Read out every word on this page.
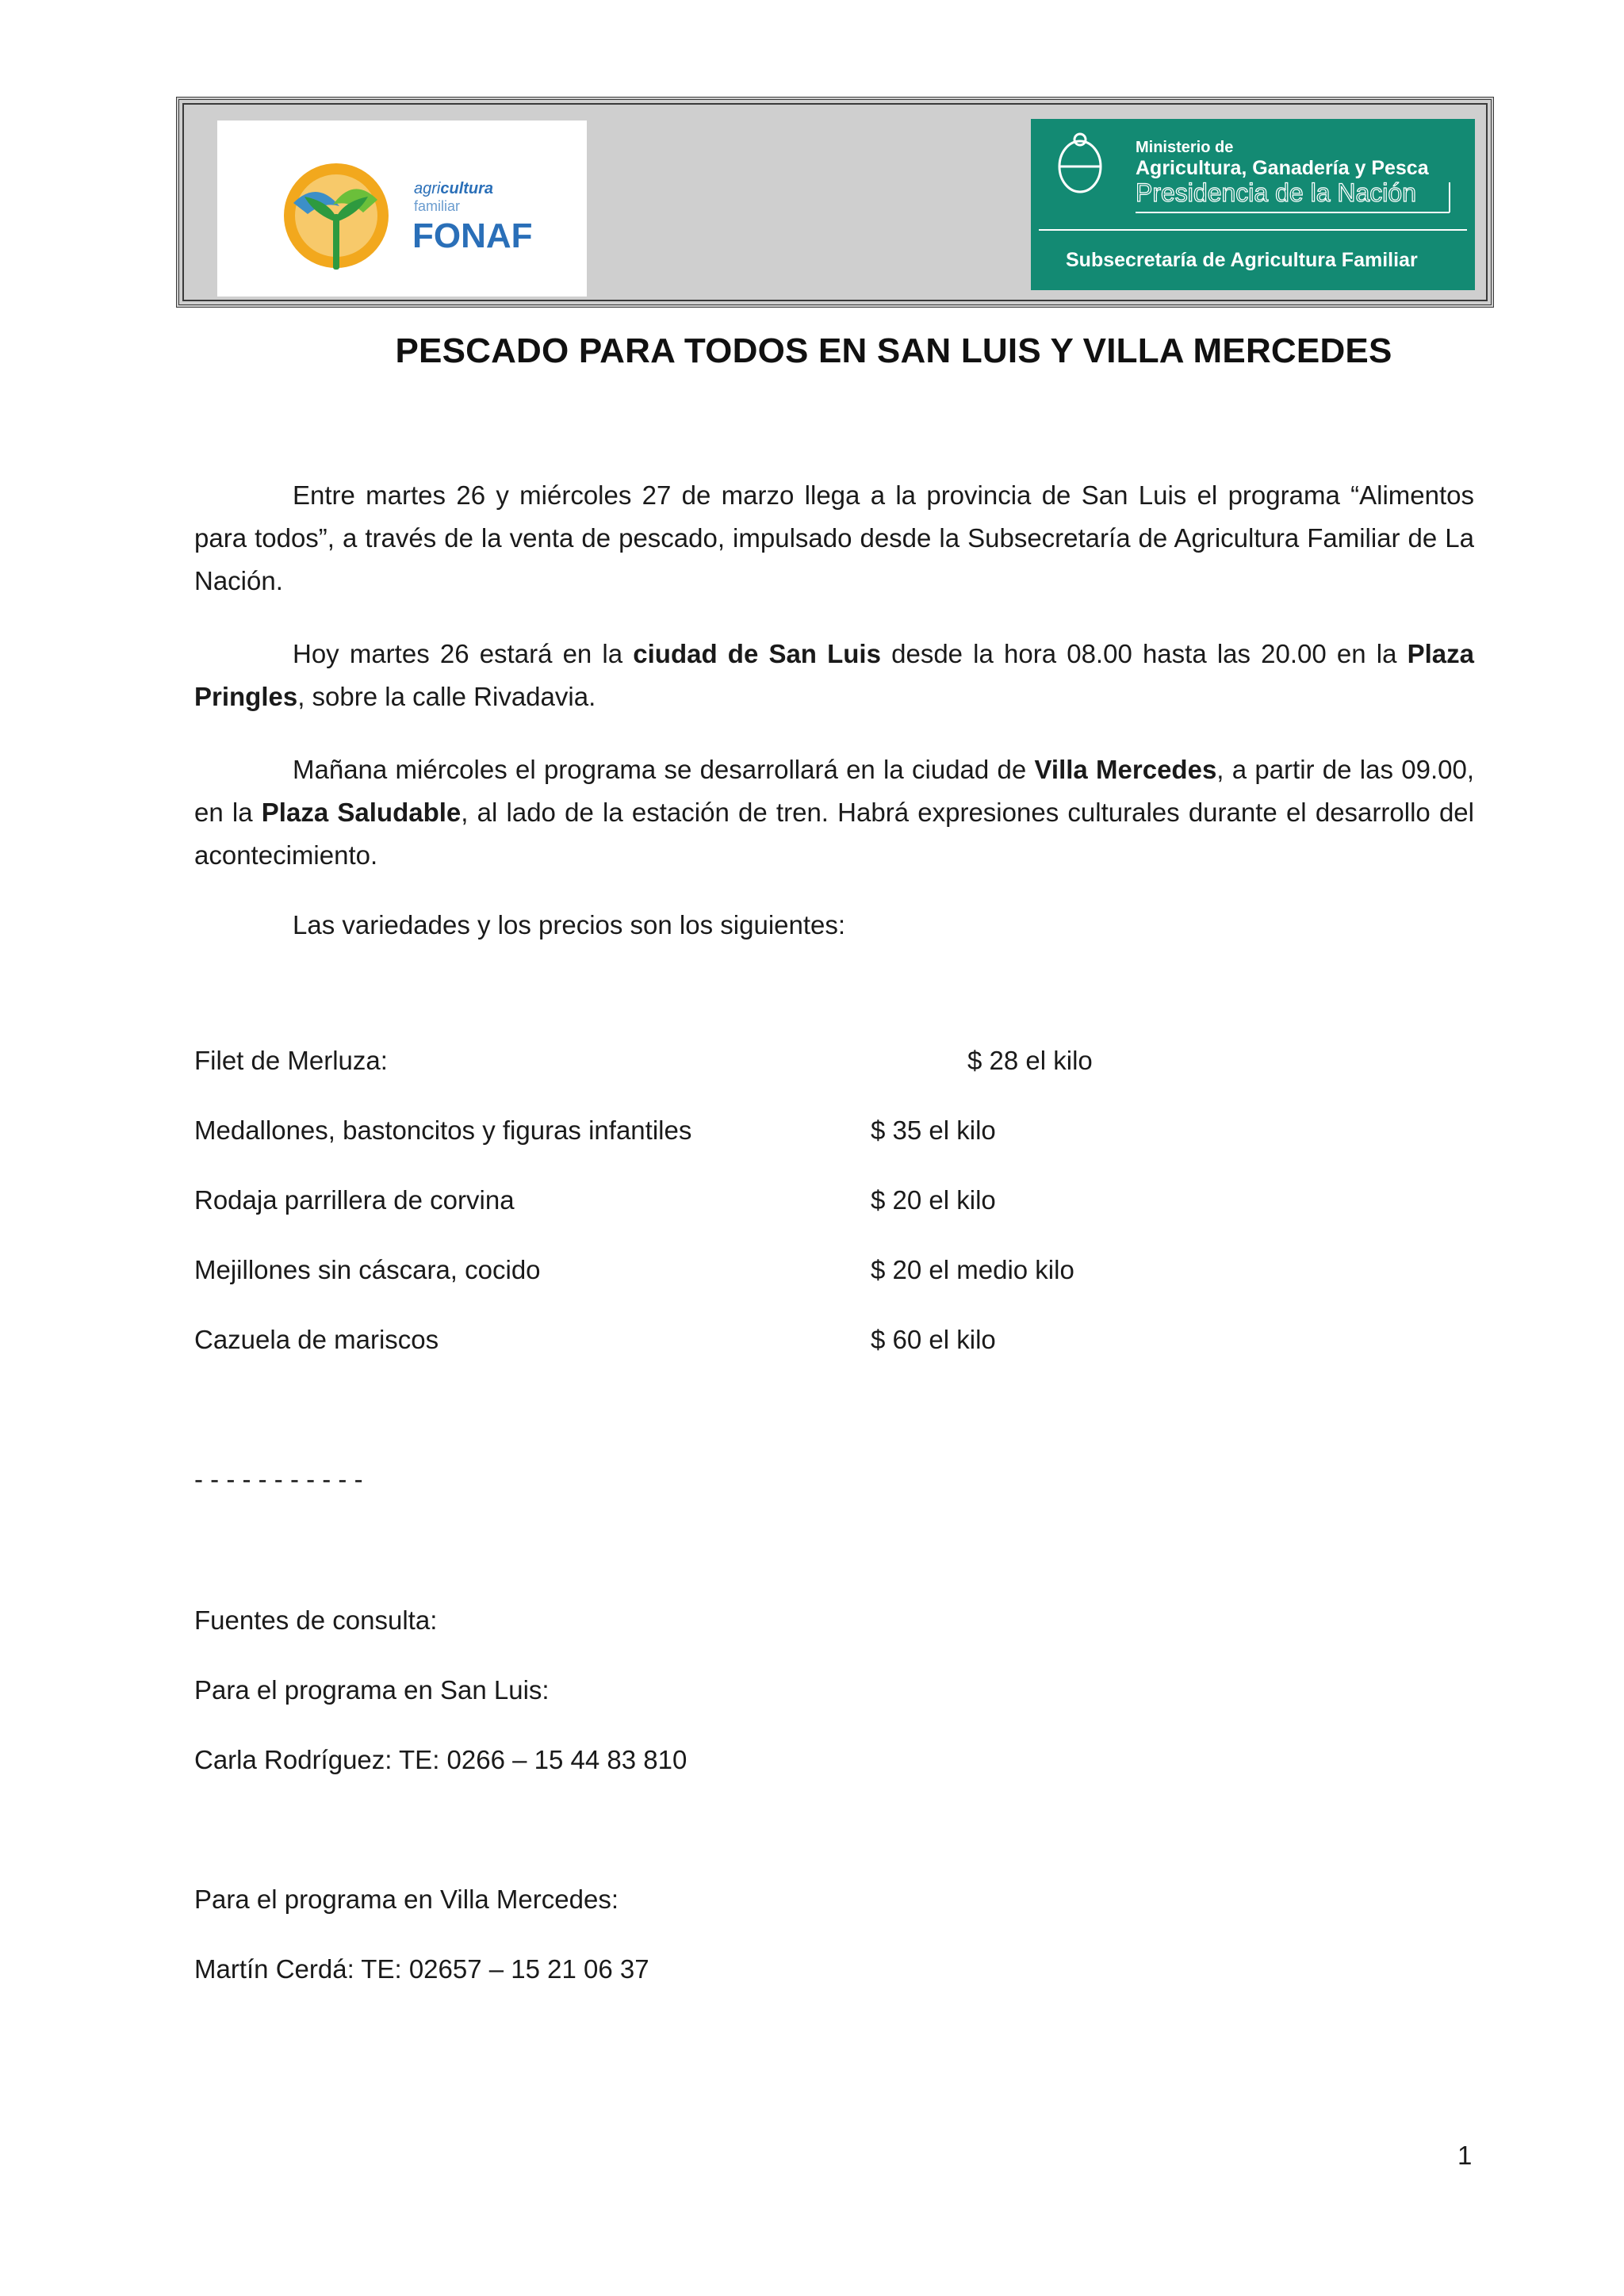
agricultura
familiar
FONAF
Ministerio de
Agricultura, Ganadería y Pesca
Presidencia de la Nación
Subsecretaría de Agricultura Familiar
PESCADO PARA TODOS EN SAN LUIS Y VILLA MERCEDES

Entre martes 26 y miércoles 27 de marzo llega a la provincia de San Luis el programa “Alimentos para todos”, a través de la venta de pescado, impulsado desde la Subsecretaría de Agricultura Familiar de La Nación.

Hoy martes 26 estará en la ciudad de San Luis desde la hora 08.00 hasta las 20.00 en la Plaza Pringles, sobre la calle Rivadavia.

Mañana miércoles el programa se desarrollará en la ciudad de Villa Mercedes, a partir de las 09.00, en la Plaza Saludable, al lado de la estación de tren. Habrá expresiones culturales durante el desarrollo del acontecimiento.

Las variedades y los precios son los siguientes:

Filet de Merluza:	$ 28 el kilo
Medallones, bastoncitos y figuras infantiles	$ 35 el kilo
Rodaja parrillera de corvina	$ 20 el kilo
Mejillones sin cáscara, cocido	$ 20 el medio kilo
Cazuela de mariscos	$ 60 el kilo
- - - - - - - - - - -
Fuentes de consulta:
Para el programa en San Luis:
Carla Rodríguez: TE: 0266 – 15 44 83 810
Para el programa en Villa Mercedes:
Martín Cerdá: TE: 02657 – 15 21 06 37
1
